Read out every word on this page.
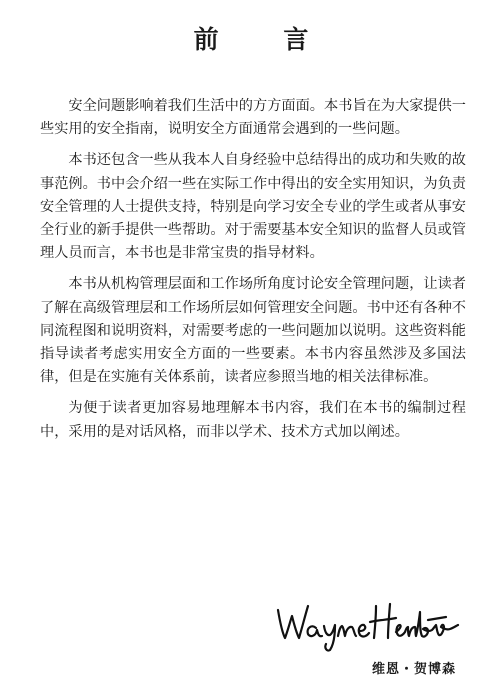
前 言

安全问题影响着我们生活中的方方面面。本书旨在为大家提供一些实用的安全指南，说明安全方面通常会遇到的一些问题。

本书还包含一些从我本人自身经验中总结得出的成功和失败的故事范例。书中会介绍一些在实际工作中得出的安全实用知识，为负责安全管理的人士提供支持，特别是向学习安全专业的学生或者从事安全行业的新手提供一些帮助。对于需要基本安全知识的监督人员或管理人员而言，本书也是非常宝贵的指导材料。

本书从机构管理层面和工作场所角度讨论安全管理问题，让读者了解在高级管理层和工作场所层如何管理安全问题。书中还有各种不同流程图和说明资料，对需要考虑的一些问题加以说明。这些资料能指导读者考虑实用安全方面的一些要素。本书内容虽然涉及多国法律，但是在实施有关体系前，读者应参照当地的相关法律标准。

为便于读者更加容易地理解本书内容，我们在本书的编制过程中，采用的是对话风格，而非以学术、技术方式加以阐述。

维恩・贺博森
